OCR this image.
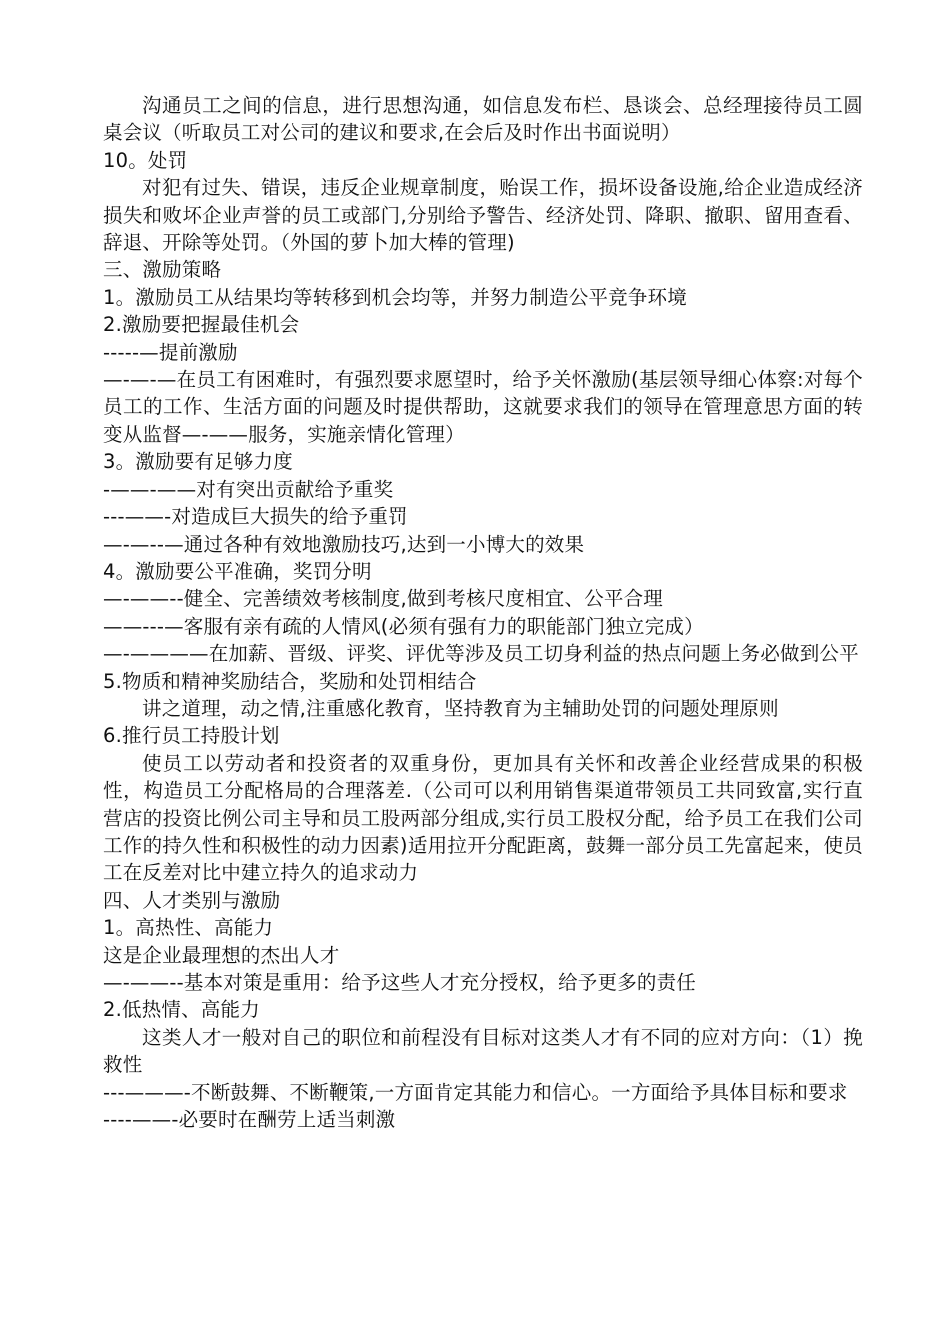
沟通员工之间的信息，进行思想沟通，如信息发布栏、恳谈会、总经理接待员工圆桌会议（听取员工对公司的建议和要求,在会后及时作出书面说明）

10。处罚

对犯有过失、错误，违反企业规章制度，贻误工作，损坏设备设施,给企业造成经济损失和败坏企业声誉的员工或部门,分别给予警告、经济处罚、降职、撤职、留用查看、辞退、开除等处罚。（外国的萝卜加大棒的管理)

三、激励策略

1。激励员工从结果均等转移到机会均等，并努力制造公平竞争环境

2.激励要把握最佳机会

-----—提前激励

—-—-—在员工有困难时，有强烈要求愿望时，给予关怀激励(基层领导细心体察:对每个员工的工作、生活方面的问题及时提供帮助，这就要求我们的领导在管理意思方面的转变从监督—-——服务，实施亲情化管理）

3。激励要有足够力度

-——-——对有突出贡献给予重奖

---——-对造成巨大损失的给予重罚

—-—--—通过各种有效地激励技巧,达到一小博大的效果

4。激励要公平准确，奖罚分明

—-——--健全、完善绩效考核制度,做到考核尺度相宜、公平合理

——---—客服有亲有疏的人情风(必须有强有力的职能部门独立完成）

—-————在加薪、晋级、评奖、评优等涉及员工切身利益的热点问题上务必做到公平

5.物质和精神奖励结合，奖励和处罚相结合

讲之道理，动之情,注重感化教育，坚持教育为主辅助处罚的问题处理原则

6.推行员工持股计划

使员工以劳动者和投资者的双重身份，更加具有关怀和改善企业经营成果的积极性，构造员工分配格局的合理落差.（公司可以利用销售渠道带领员工共同致富,实行直营店的投资比例公司主导和员工股两部分组成,实行员工股权分配，给予员工在我们公司工作的持久性和积极性的动力因素)适用拉开分配距离，鼓舞一部分员工先富起来，使员工在反差对比中建立持久的追求动力

四、人才类别与激励

1。高热性、高能力

这是企业最理想的杰出人才

—-——--基本对策是重用：给予这些人才充分授权，给予更多的责任

2.低热情、高能力

这类人才一般对自己的职位和前程没有目标对这类人才有不同的应对方向：（1）挽救性

---———-不断鼓舞、不断鞭策,一方面肯定其能力和信心。一方面给予具体目标和要求

----——-必要时在酬劳上适当刺激
